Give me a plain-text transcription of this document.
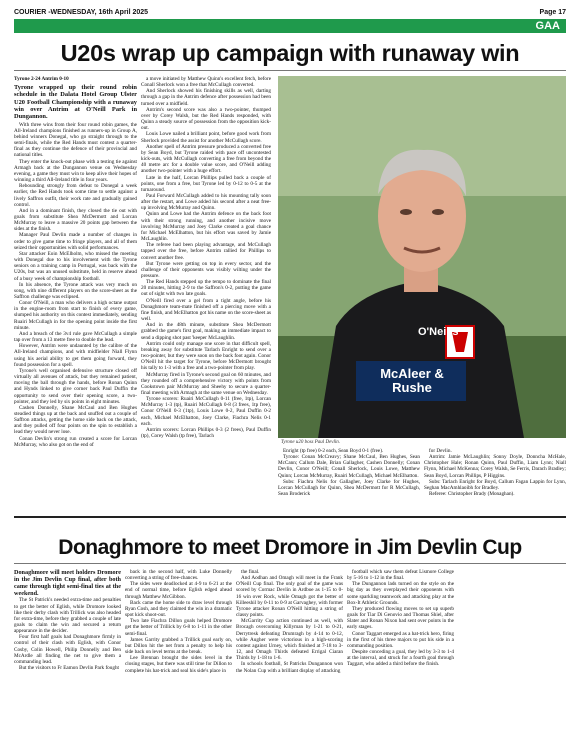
COURIER -WEDNESDAY, 16th April 2025	Page 17
GAA
U20s wrap up campaign with runaway win

Tyrone 2-24 Antrim 0-10

Tyrone wrapped up their round robin schedule in the Dalata Hotel Group Ulster U20 Football Championship with a runaway win over Antrim at O'Neill Park in Dungannon.

With three wins from their four round robin games, the All-Ireland champions finished as runners-up in Group A, behind winners Donegal, who go straight through to the semi-finals, while the Red Hands must contest a quarter-final as they continue the defence of their provincial and national titles.

They enter the knock-out phase with a testing tie against Armagh back at the Dungannon venue on Wednesday evening, a game they must win to keep alive their hopes of winning a third All-Ireland title in four years.

Rebounding strongly from defeat to Donegal a week earlier, the Red Hands took some time to settle against a lively Saffron outfit, their work rate and gradually gained control.

And in a dominant finish, they closed the tie out with goals from substitute Shea McDermott and Lorcan McMurray to leave a massive 20 points gap between the sides at the finish.

Manager Paul Devlin made a number of changes in order to give game time to fringe players, and all of them seized their opportunities with solid performances.

Star attacker Eoin McElholm, who missed the meeting with Donegal due to his involvement with the Tyrone seniors on a training camp in Portugal, was back with the U20s, but was an unused substitute, held in reserve ahead of a busy week of championship football.

In his absence, the Tyrone attack was very much on song, with nine different players on the score-sheet as the Saffron challenge was eclipsed.

Conor O'Neill, a man who delivers a high octane output in the engine-room from start to finish of every game, slumped his authority on this contest immediately, sending Ruairi McCullagh in for the opening point inside the first minute.

And a breach of the 3v4 rule gave McCullagh a simple tap over from a 13 metre free to double the lead.

However, Antrim were undaunted by the calibre of the All-Ireland champions, and with midfielder Niall Flynn using his aerial ability to get them going forward, they found possession for a spell.

Tyrone's well organised defensive structure closed off virtually all avenues of attack, but they remained patient, moving the ball through the hands, before Ronan Quinn and Hynds linked to give corner back Paul Duffin the opportunity to send over their opening score, a two-pointer, and they led by six points in eight minutes.

Cashen Donnelly, Shane McCaul and Ben Hughes steadied things up at the back and snuffed out a couple of Saffron attacks, getting the home side back on the attack, and they pulled off four points on the spin to establish a lead they would never lose.

Conan Devlin's strong run created a score for Lorcan McMurray, who also got on the end of

a move initiated by Matthew Quinn's excellent fetch, before Conall Sherlock won a free that McCullagh converted.

And Sherlock showed his finishing skills as well, darting through a gap in the Antrim defence after possession had been turned over a midfield.

Antrim's second score was also a two-pointer, thumped over by Corey Walsh, but the Red Hands responded, with Quinn a steady source of possession from the opposition kick-out.

Louis Lowe nailed a brilliant point, before good work from Sherlock provided the assist for another McCullagh score.

Another spell of Antrim pressure produced a converted free by Sean Boyd, but Tyrone raided with pace off uncontested kick-outs, with McCullagh converting a free from beyond the 40 metre arc for a double value score, and O'Neill adding another two-pointer with a huge effort.

Late in the half, Lorcan Phillips pulled back a couple of points, one from a free, but Tyrone led by 0-12 to 0-5 at the turnaround.

Paul Forward McCullagh added to his mounting tally soon after the restart, and Lowe added his second after a neat free-up involving McMurray and Quinn.

Quinn and Lowe had the Antrim defence on the back foot with their strong running, and another incisive move involving McMurray and Joey Clarke created a goal chance for Michael McElhatton, but his effort was saved by Jamie McLaughlin.

The referee had been playing advantage, and McCullagh tapped over the free, before Antrim rallied for Phillips to convert another free.

But Tyrone were getting on top in every sector, and the challenge of their opponents was visibly wilting under the pressure.

The Red Hands stepped up the tempo to dominate the final 20 minutes, hitting 2-9 to the Saffron's 0-2, putting the game out of sight with two late goals.

O'Neill fired over a gel from a tight angle, before his Donaghmore team-mate finished off a piercing move with a fine finish, and McElhatton got his name on the score-sheet as well.

And in the 48th minute, substitute Shea McDermott grabbed the game's first goal, making an immediate impact to send a dipping shot past 'keeper McLaughlin.

Antrim could only manage one score in that difficult spell, breaking away for substitute Tarlach Enright to send over a two-pointer, but they were soon on the back foot again. Conor O'Neill hit the target for Tyrone, before McDermott brought his tally to 1-3 with a free and a two-pointer from play.

McMurray fired in Tyrone's second goal on 60 minutes, and they rounded off a comprehensive victory with points from Cookstown pair McMurray and Sheehy to secure a quarter-final meeting with Armagh at the same venue on Wednesday.

Tyrone scorers: Ruairi McCullagh 0-11 (free, 1tp), Lorcan McMurray 1-3 (tp), Ruairi McCullagh 0-8 (3 frees, 1tp free), Conor O'Neill 0-3 (1tp), Louis Lowe 0-2, Paul Duffin 0-2 each, Michael McElhatton, Joey Clarke, Fiachra Nelis 0-1 each.

Antrim scorers: Lorcan Phillips 0-3 (2 frees), Paul Duffin (tp), Corey Walsh (tp free), Tarlach

O'Neills
McAleer & Rushe
Tyrone u20 boss Paul Devlin.

Enright (tp free) 0-2 each, Sean Boyd 0-1 (free).

Tyrone: Conan McCreavy; Shane McCaul, Ben Hughes, Sean McCann; Callum Dale, Brian Gallagher, Cashen Donnelly; Conan Devlin, Conor O'Neill; Conall Sherlock, Louis Lowe, Matthew Quinn; Lorcan McMurray, Ruairi McCullagh, Michael McElhatton.

Subs: Fiachra Nelis for Gallagher, Joey Clarke for Hughes, Lorcan McCullagh for Quinn, Shea McDermott for R McCullagh, Sean Broderick

for Devlin.

Antrim: Jamie McLaughlin; Sonny Doyle, Donncha McHale, Christopher Hale; Ronan Quinn, Paul Duffin, Liam Lynn; Niall Flynn, Michael McKenna; Corey Walsh, Se Ferris, Darach Bradley; Sean Boyd, Lorcan Phillips, P Higgins.

Subs: Tarlach Enright for Boyd, Callum Fagan Lappin for Lynn, Seghan MacAmhlaoibh for Bradley.

Referee: Christopher Brady (Monaghan).

Donaghmore to meet Dromore in Jim Devlin Cup

Donaghmore will meet holders Dromore in the Jim Devlin Cup final, after both came through tight semi-final ties at the weekend.

The St Patrick's needed extra-time and penalties to get the better of Eglish, while Dromore looked like their derby clash with Trillick was also headed for extra-time, before they grabbed a couple of late goals to claim the win and secured a return appearance in the decider.

Four first half goals had Donaghmore firmly in control of their clash with Eglish, with Conor Cosby, Colin Howell, Philip Donnelly and Ben McArdle all finding the net to give them a commanding lead.

But the visitors to Fr Eamon Devlin Park fought

back in the second half, with Luke Donnelly converting a string of free-chances.

The sides were deadlocked at 4-9 to 6-21 at the end of normal time, before Eglish edged ahead through Matthew McGibbon.

Back came the home side to draw level through Ryan Cosh, and they claimed the win in a dramatic spot kick shoot-out.

Two late Fiachra Dillon goals helped Dromore get the better of Trillick by 6-8 to 1-11 in the other semi-final.

James Garrity grabbed a Trillick goal early on, but Dillon hit the net from a penalty to help his side back on level terms at the break.

Lee Brennan brought the sides level in the closing stages, but there was still time for Dillon to complete his hat-trick and seal his side's place in

the final.

And Aodhan and Omagh will meet in the Frank O'Neill Cup final. The only goal of the game was scored by Cormac Devlin in Ardboe as 1-15 to 0-16 win over Rock, while Omagh got the better of Killeeshil by 0-11 to 0-9 at Garvaghey, with former Tyrone attacker Ronan O'Neill hitting a string of classy points.

McGarrity Cup action continued as well, with Brocagh overcoming Killyman by 1-21 to 0-21, Derrytresk defeating Drumragh by 4-14 to 0-12, while Augher were victorious in a high-scoring contest against Urney, which finished at 7-18 to 3-12, and Omagh Thirds defeated Errigal Ciaran Thirds by 1-18 to 1-6.

In schools football, St Patricks Dungannon won the Nolan Cup with a brilliant display of attacking

football which saw them defeat Lismore College by 5-16 to 1-12 in the final.

The Dungannon lads turned on the style on the big day as they overplayed their opponents with some sparkling teamwork and attacking play at the Box-It Athletic Grounds.

They produced flowing moves to set up superb goals for Tiar Di Genovio and Thomas Shiel, after Slater and Ronan Nixon had sent over points in the early stages.

Conor Taggart emerged as a hat-trick hero, firing in the first of his three majors to put his side in a commanding position.

Despite conceding a goal, they led by 3-3 to 1-4 at the interval, and struck for a fourth goal through Taggart, who added a third before the finish.
